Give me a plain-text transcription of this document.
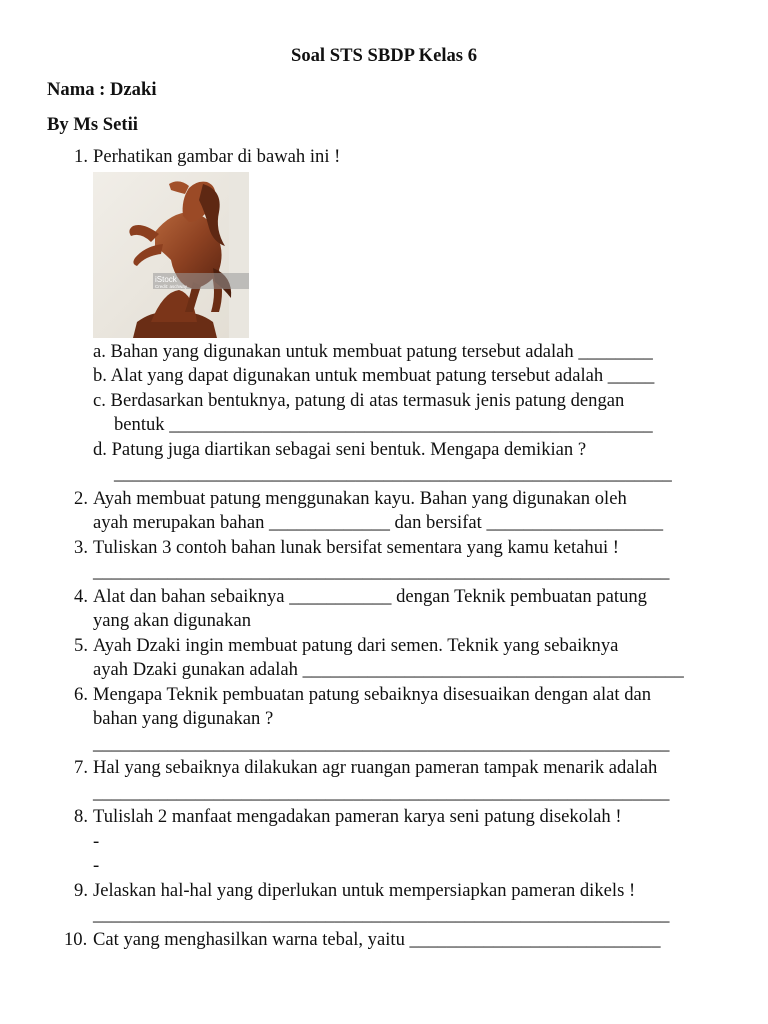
Soal STS SBDP Kelas 6
Nama : Dzaki
By Ms Setii
1. Perhatikan gambar di bawah ini !
iStock
Credit: aschway
a. Bahan yang digunakan untuk membuat patung tersebut adalah ________
b. Alat yang dapat digunakan untuk membuat patung tersebut adalah _____
c. Berdasarkan bentuknya, patung di atas termasuk jenis patung dengan
bentuk ____________________________________________________
d. Patung juga diartikan sebagai seni bentuk. Mengapa demikian ?
____________________________________________________________
2. Ayah membuat patung menggunakan kayu. Bahan yang digunakan oleh
ayah merupakan bahan _____________ dan bersifat ___________________
3. Tuliskan 3 contoh bahan lunak bersifat sementara yang kamu ketahui !
______________________________________________________________
4. Alat dan bahan sebaiknya ___________ dengan Teknik pembuatan patung
yang akan digunakan
5. Ayah Dzaki ingin membuat patung dari semen. Teknik yang sebaiknya
ayah Dzaki gunakan adalah _________________________________________
6. Mengapa Teknik pembuatan patung sebaiknya disesuaikan dengan alat dan
bahan yang digunakan ?
______________________________________________________________
7. Hal yang sebaiknya dilakukan agr ruangan pameran tampak menarik adalah
______________________________________________________________
8. Tulislah 2 manfaat mengadakan pameran karya seni patung disekolah !
-
-
9. Jelaskan hal-hal yang diperlukan untuk mempersiapkan pameran dikels !
______________________________________________________________
10. Cat yang menghasilkan warna tebal, yaitu ___________________________
